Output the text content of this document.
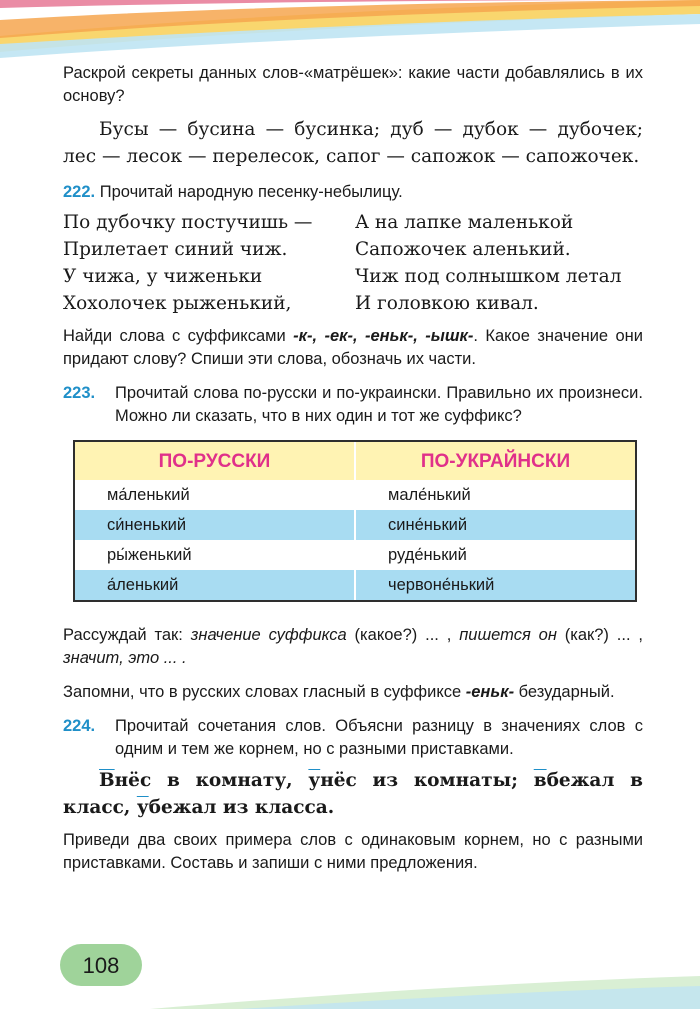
Раскрой секреты данных слов-«матрёшек»: какие части добавлялись в их основу?

Бусы — бусина — бусинка; дуб — дубок — дубочек; лес — лесок — перелесок, сапог — сапожок — сапожочек.

222. Прочитай народную песенку-небылицу.

По дубочку постучишь —
Прилетает синий чиж.
У чижа, у чиженьки
Хохолочек рыженький,
А на лапке маленькой
Сапожочек аленький.
Чиж под солнышком летал
И головкою кивал.

Найди слова с суффиксами -к-, -ек-, -еньк-, -ышк-. Какое значение они придают слову? Спиши эти слова, обозначь их части.

223. Прочитай слова по-русски и по-украински. Правильно их произнеси. Можно ли сказать, что в них один и тот же суффикс?

ПО-РУССКИ	ПО-УКРАЙНСКИ
ма́ленький	мале́нький
си́ненький	сине́нький
ры́женький	руде́нький
а́ленький	червоне́нький

Рассуждай так: значение суффикса (какое?) ... , пишется он (как?) ... , значит, это ... .

Запомни, что в русских словах гласный в суффиксе -еньк- безударный.

224. Прочитай сочетания слов. Объясни разницу в значениях слов с одним и тем же корнем, но с разными приставками.

Внёс в комнату, унёс из комнаты; вбежал в класс, убежал из класса.

Приведи два своих примера слов с одинаковым корнем, но с разными приставками. Составь и запиши с ними предложения.

108
